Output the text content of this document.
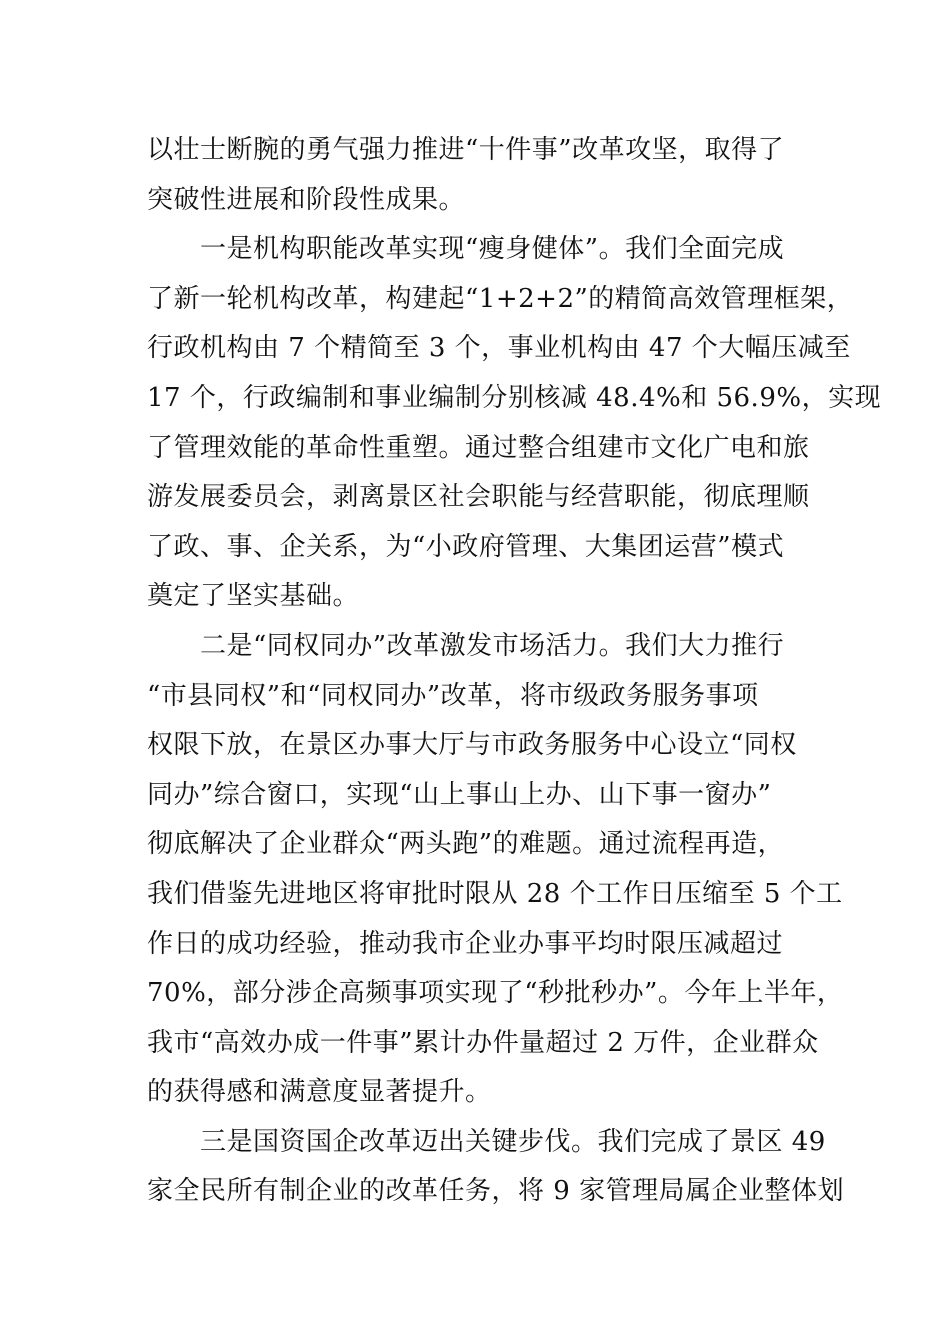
以壮士断腕的勇气强力推进“十件事”改革攻坚，取得了
突破性进展和阶段性成果。
　　一是机构职能改革实现“瘦身健体”。我们全面完成
了新一轮机构改革，构建起“1+2+2”的精简高效管理框架，
行政机构由 7 个精简至 3 个，事业机构由 47 个大幅压减至
17 个，行政编制和事业编制分别核减 48.4%和 56.9%，实现
了管理效能的革命性重塑。通过整合组建市文化广电和旅
游发展委员会，剥离景区社会职能与经营职能，彻底理顺
了政、事、企关系，为“小政府管理、大集团运营”模式
奠定了坚实基础。
　　二是“同权同办”改革激发市场活力。我们大力推行
“市县同权”和“同权同办”改革，将市级政务服务事项
权限下放，在景区办事大厅与市政务服务中心设立“同权
同办”综合窗口，实现“山上事山上办、山下事一窗办”
彻底解决了企业群众“两头跑”的难题。通过流程再造，
我们借鉴先进地区将审批时限从 28 个工作日压缩至 5 个工
作日的成功经验，推动我市企业办事平均时限压减超过
70%，部分涉企高频事项实现了“秒批秒办”。今年上半年，
我市“高效办成一件事”累计办件量超过 2 万件，企业群众
的获得感和满意度显著提升。
　　三是国资国企改革迈出关键步伐。我们完成了景区 49
家全民所有制企业的改革任务，将 9 家管理局属企业整体划
